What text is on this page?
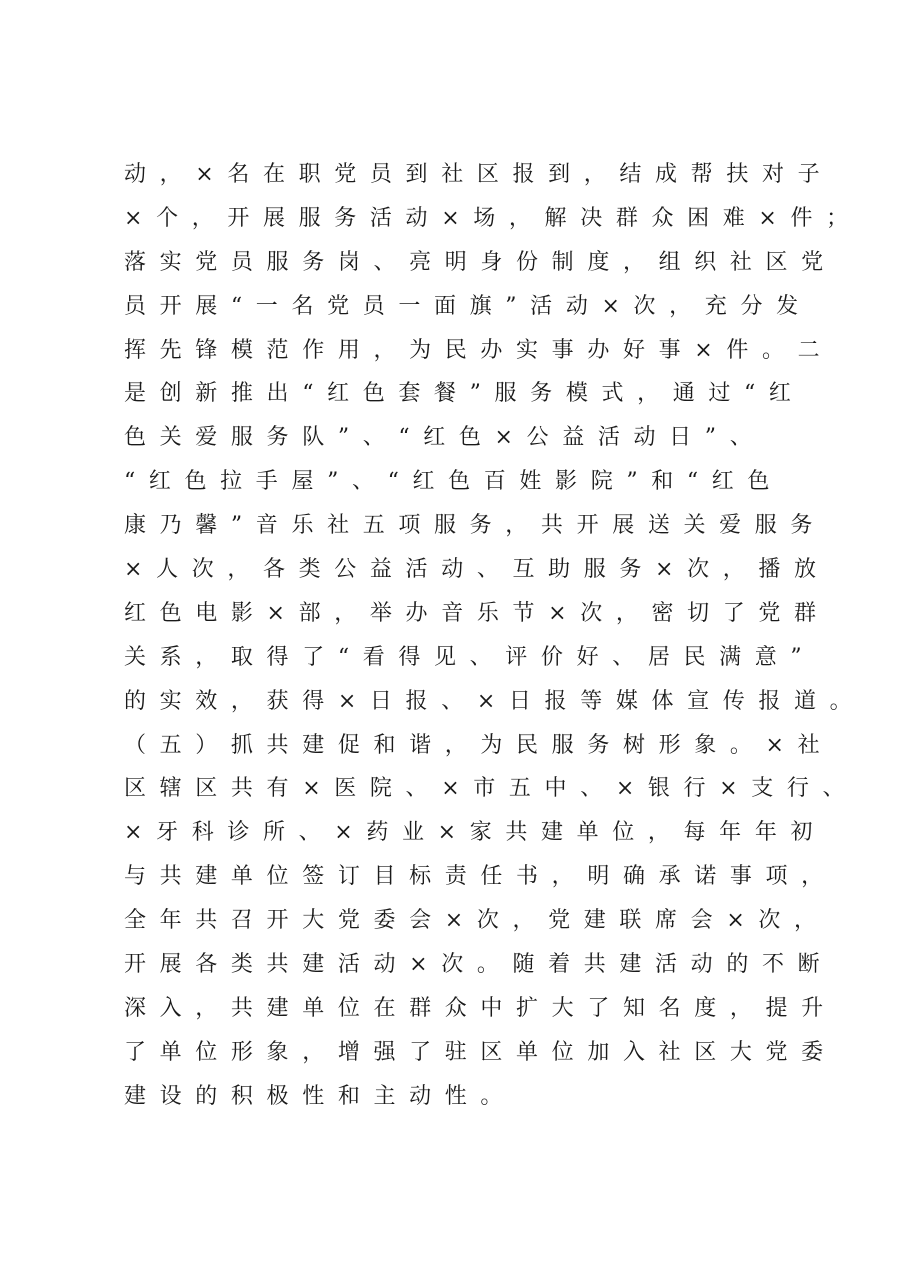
动，×名在职党员到社区报到，结成帮扶对子
×个，开展服务活动×场，解决群众困难×件；
落实党员服务岗、亮明身份制度，组织社区党
员开展“一名党员一面旗”活动×次，充分发
挥先锋模范作用，为民办实事办好事×件。二
是创新推出“红色套餐”服务模式，通过“红
色关爱服务队”、“红色×公益活动日”、
“红色拉手屋”、“红色百姓影院”和“红色
康乃馨”音乐社五项服务，共开展送关爱服务
×人次，各类公益活动、互助服务×次，播放
红色电影×部，举办音乐节×次，密切了党群
关系，取得了“看得见、评价好、居民满意”
的实效，获得×日报、×日报等媒体宣传报道。
（五）抓共建促和谐，为民服务树形象。×社
区辖区共有×医院、×市五中、×银行×支行、
×牙科诊所、×药业×家共建单位，每年年初
与共建单位签订目标责任书，明确承诺事项，
全年共召开大党委会×次，党建联席会×次，
开展各类共建活动×次。随着共建活动的不断
深入，共建单位在群众中扩大了知名度，提升
了单位形象，增强了驻区单位加入社区大党委
建设的积极性和主动性。
